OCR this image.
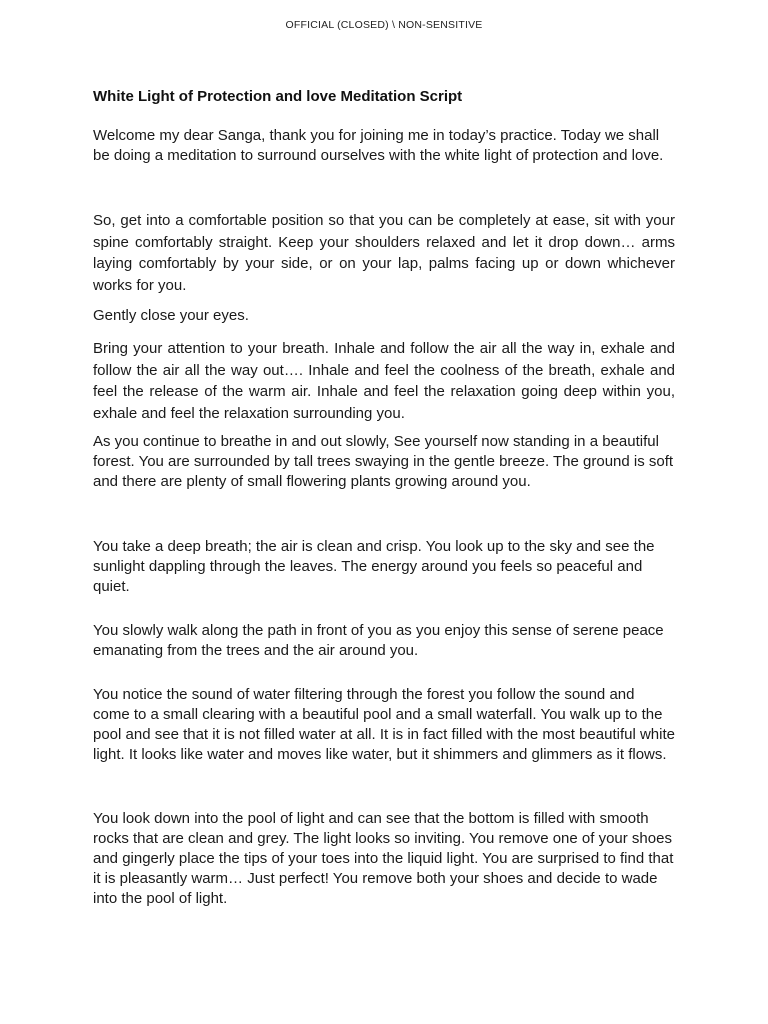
OFFICIAL (CLOSED) \ NON-SENSITIVE
White Light of Protection and love Meditation Script

Welcome my dear Sanga, thank you for joining me in today’s practice. Today we shall be doing a meditation to surround ourselves with the white light of protection and love.

So, get into a comfortable position so that you can be completely at ease, sit with your spine comfortably straight. Keep your shoulders relaxed and let it drop down… arms laying comfortably by your side, or on your lap, palms facing up or down whichever works for you.

Gently close your eyes.

Bring your attention to your breath. Inhale and follow the air all the way in, exhale and follow the air all the way out…. Inhale and feel the coolness of the breath, exhale and feel the release of the warm air. Inhale and feel the relaxation going deep within you, exhale and feel the relaxation surrounding you.

As you continue to breathe in and out slowly, See yourself now standing in a beautiful forest. You are surrounded by tall trees swaying in the gentle breeze. The ground is soft and there are plenty of small flowering plants growing around you.

You take a deep breath; the air is clean and crisp. You look up to the sky and see the sunlight dappling through the leaves. The energy around you feels so peaceful and quiet.

You slowly walk along the path in front of you as you enjoy this sense of serene peace emanating from the trees and the air around you.

You notice the sound of water filtering through the forest you follow the sound and come to a small clearing with a beautiful pool and a small waterfall. You walk up to the pool and see that it is not filled water at all. It is in fact filled with the most beautiful white light. It looks like water and moves like water, but it shimmers and glimmers as it flows.

You look down into the pool of light and can see that the bottom is filled with smooth rocks that are clean and grey. The light looks so inviting. You remove one of your shoes and gingerly place the tips of your toes into the liquid light. You are surprised to find that it is pleasantly warm… Just perfect! You remove both your shoes and decide to wade into the pool of light.
